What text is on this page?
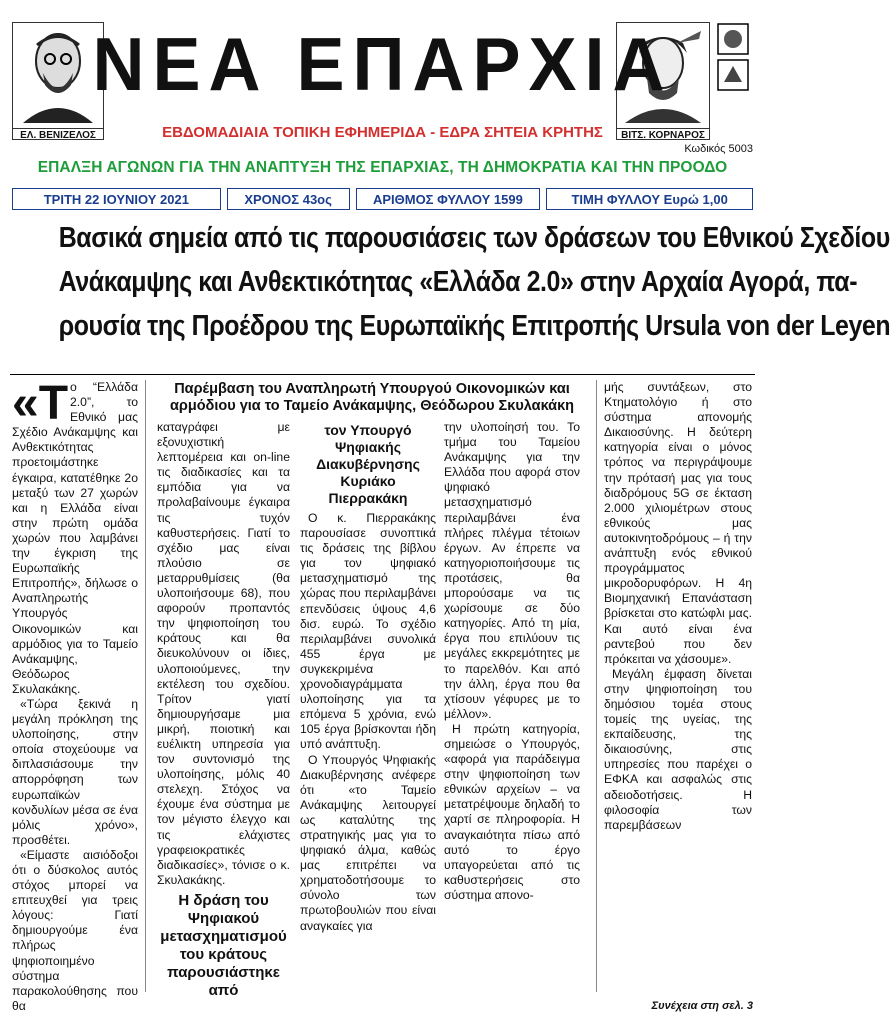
ΕΛ. ΒΕΝΙΖΕΛΟΣ	ΒΙΤΣ. ΚΟΡΝΑΡΟΣ
ΝΕΑ ΕΠΑΡΧΙΑ
ΕΒΔΟΜΑΔΙΑΙΑ ΤΟΠΙΚΗ ΕΦΗΜΕΡΙΔΑ - ΕΔΡΑ ΣΗΤΕΙΑ ΚΡΗΤΗΣ
Κωδικός 5003
ΕΠΑΛΞΗ ΑΓΩΝΩΝ ΓΙΑ ΤΗΝ ΑΝΑΠΤΥΞΗ ΤΗΣ ΕΠΑΡΧΙΑΣ, ΤΗ ΔΗΜΟΚΡΑΤΙΑ ΚΑΙ ΤΗΝ ΠΡΟΟΔΟ
ΤΡΙΤΗ 22 ΙΟΥΝΙΟΥ 2021	ΧΡΟΝΟΣ 43ος	ΑΡΙΘΜΟΣ ΦΥΛΛΟΥ 1599	ΤΙΜΗ ΦΥΛΛΟΥ Ευρώ 1,00
Βασικά σημεία από τις παρουσιάσεις των δράσεων του Εθνικού Σχεδίου
Ανάκαμψης και Ανθεκτικότητας «Ελλάδα 2.0» στην Αρχαία Αγορά, πα-
ρουσία της Προέδρου της Ευρωπαϊκής Επιτροπής Ursula von der Leyen
«Τ ο “Ελλάδα 2.0”, το Εθνικό μας Σχέδιο Ανάκαμψης και Ανθεκτικότητας προετοιμάστηκε έγκαιρα, κατατέθηκε 2ο μεταξύ των 27 χωρών και η Ελλάδα είναι στην πρώτη ομάδα χωρών που λαμβάνει την έγκριση της Ευρωπαϊκής Επιτροπής», δήλωσε ο Αναπληρωτής Υπουργός Οικονομικών και αρμόδιος για το Ταμείο Ανάκαμψης, Θεόδωρος Σκυλακάκης.

«Τώρα ξεκινά η μεγάλη πρόκληση της υλοποίησης, στην οποία στοχεύουμε να διπλασιάσουμε την απορρόφηση των ευρωπαϊκών κονδυλίων μέσα σε ένα μόλις χρόνο», προσθέτει.

«Είμαστε αισιόδοξοι ότι ο δύσκολος αυτός στόχος μπορεί να επιτευχθεί για τρεις λόγους: Γιατί δημιουργούμε ένα πλήρως ψηφιοποιημένο σύστημα παρακολούθησης που θα

Παρέμβαση του Αναπληρωτή Υπουργού Οικονομικών και αρμόδιου για το Ταμείο Ανάκαμψης, Θεόδωρου Σκυλακάκη

καταγράφει με εξονυχιστική λεπτομέρεια και on-line τις διαδικασίες και τα εμπόδια για να προλαβαίνουμε έγκαιρα τις τυχόν καθυστερήσεις. Γιατί το σχέδιο μας είναι πλούσιο σε μεταρρυθμίσεις (θα υλοποιήσουμε 68), που αφορούν προπαντός την ψηφιοποίηση του κράτους και θα διευκολύνουν οι ίδιες, υλοποιούμενες, την εκτέλεση του σχεδίου. Τρίτον γιατί δημιουργήσαμε μια μικρή, ποιοτική και ευέλικτη υπηρεσία για τον συντονισμό της υλοποίησης, μόλις 40 στελεχη. Στόχος να έχουμε ένα σύστημα με τον μέγιστο έλεγχο και τις ελάχιστες γραφειοκρατικές διαδικασίες», τόνισε ο κ. Σκυλακάκης.

Η δράση του Ψηφιακού μετασχηματισμού του κράτους παρουσιάστηκε από
τον Υπουργό Ψηφιακής Διακυβέρνησης Κυριάκο Πιερρακάκη

Ο κ. Πιερρακάκης παρουσίασε συνοπτικά τις δράσεις της βίβλου για τον ψηφιακό μετασχηματισμό της χώρας που περιλαμβάνει επενδύσεις ύψους 4,6 δισ. ευρώ. Το σχέδιο περιλαμβάνει συνολικά 455 έργα με συγκεκριμένα χρονοδιαγράμματα υλοποίησης για τα επόμενα 5 χρόνια, ενώ 105 έργα βρίσκονται ήδη υπό ανάπτυξη.

Ο Υπουργός Ψηφιακής Διακυβέρνησης ανέφερε ότι «το Ταμείο Ανάκαμψης λειτουργεί ως καταλύτης της στρατηγικής μας για το ψηφιακό άλμα, καθώς μας επιτρέπει να χρηματοδοτήσουμε το σύνολο των πρωτοβουλιών που είναι αναγκαίες για

την υλοποίησή του. Το τμήμα του Ταμείου Ανάκαμψης για την Ελλάδα που αφορά στον ψηφιακό μετασχηματισμό περιλαμβάνει ένα πλήρες πλέγμα τέτοιων έργων. Αν έπρεπε να κατηγοριοποιήσουμε τις προτάσεις, θα μπορούσαμε να τις χωρίσουμε σε δύο κατηγορίες. Από τη μία, έργα που επιλύουν τις μεγάλες εκκρεμότητες με το παρελθόν. Και από την άλλη, έργα που θα χτίσουν γέφυρες με το μέλλον».

Η πρώτη κατηγορία, σημειώσε ο Υπουργός, «αφορά για παράδειγμα στην ψηφιοποίηση των εθνικών αρχείων – να μετατρέψουμε δηλαδή το χαρτί σε πληροφορία. Η αναγκαιότητα πίσω από αυτό το έργο υπαγορεύεται από τις καθυστερήσεις στο σύστημα απονο-

μής συντάξεων, στο Κτηματολόγιο ή στο σύστημα απονομής Δικαιοσύνης. Η δεύτερη κατηγορία είναι ο μόνος τρόπος να περιγράψουμε την πρότασή μας για τους διαδρόμους 5G σε έκταση 2.000 χιλιομέτρων στους εθνικούς μας αυτοκινητοδρόμους – ή την ανάπτυξη ενός εθνικού προγράμματος μικροδορυφόρων. Η 4η Βιομηχανική Επανάσταση βρίσκεται στο κατώφλι μας. Και αυτό είναι ένα ραντεβού που δεν πρόκειται να χάσουμε».

Μεγάλη έμφαση δίνεται στην ψηφιοποίηση του δημόσιου τομέα στους τομείς της υγείας, της εκπαίδευσης, της δικαιοσύνης, στις υπηρεσίες που παρέχει ο ΕΦΚΑ και ασφαλώς στις αδειοδοτήσεις. Η φιλοσοφία των παρεμβάσεων

Συνέχεια στη σελ. 3
